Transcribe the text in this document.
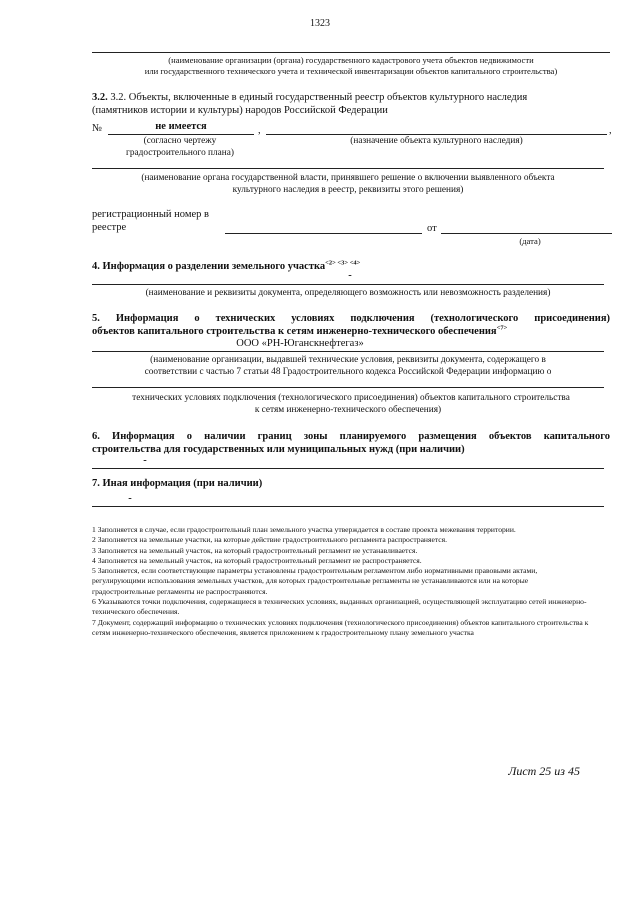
1323
(наименование организации (органа) государственного кадастрового учета объектов недвижимости
или государственного технического учета и технической инвентаризации объектов капитального строительства)
3.2. 3.2. Объекты, включенные в единый государственный реестр объектов культурного наследия
(памятников истории и культуры) народов Российской Федерации
№	не имеется	,	,
(согласно чертежу
градостроительного плана)
(назначение объекта культурного наследия)
(наименование органа государственной власти, принявшего решение о включении выявленного объекта
культурного наследия в реестр, реквизиты этого решения)
регистрационный номер в
реестре	от
(дата)
4. Информация о разделении земельного участка$^{<2> <3> <4>}$
-
(наименование и реквизиты документа, определяющего возможность или невозможность разделения)
5. Информация о технических условиях подключения (технологического присоединения)
объектов капитального строительства к сетям инженерно-технического обеспечения$^{<7>}$
ООО «РН-Юганскнефтегаз»
(наименование организации, выдавшей технические условия, реквизиты документа, содержащего в
соответствии с частью 7 статьи 48 Градостроительного кодекса Российской Федерации информацию о
технических условиях подключения (технологического присоединения) объектов капитального строительства
к сетям инженерно-технического обеспечения)
6. Информация о наличии границ зоны планируемого размещения объектов капитального
строительства для государственных или муниципальных нужд (при наличии)
-
7. Иная информация (при наличии)
-

1 Заполняется в случае, если градостроительный план земельного участка утверждается в составе проекта межевания территории.

2 Заполняется на земельные участки, на которые действие градостроительного регламента распространяется.

3 Заполняется на земельный участок, на который градостроительный регламент не устанавливается.

4 Заполняется на земельный участок, на который градостроительный регламент не распространяется.

5 Заполняется, если соответствующие параметры установлены градостроительным регламентом либо нормативными правовыми актами, регулирующими использования земельных участков, для которых градостроительные регламенты не устанавливаются или на которые градостроительные регламенты не распространяются.

6 Указываются точки подключения, содержащиеся в технических условиях, выданных организацией, осуществляющей эксплуатацию сетей инженерно-технического обеспечения.

7 Документ, содержащий информацию о технических условиях подключения (технологического присоединения) объектов капитального строительства к сетям инженерно-технического обеспечения, является приложением к градостроительному плану земельного участка

Лист 25 из 45
